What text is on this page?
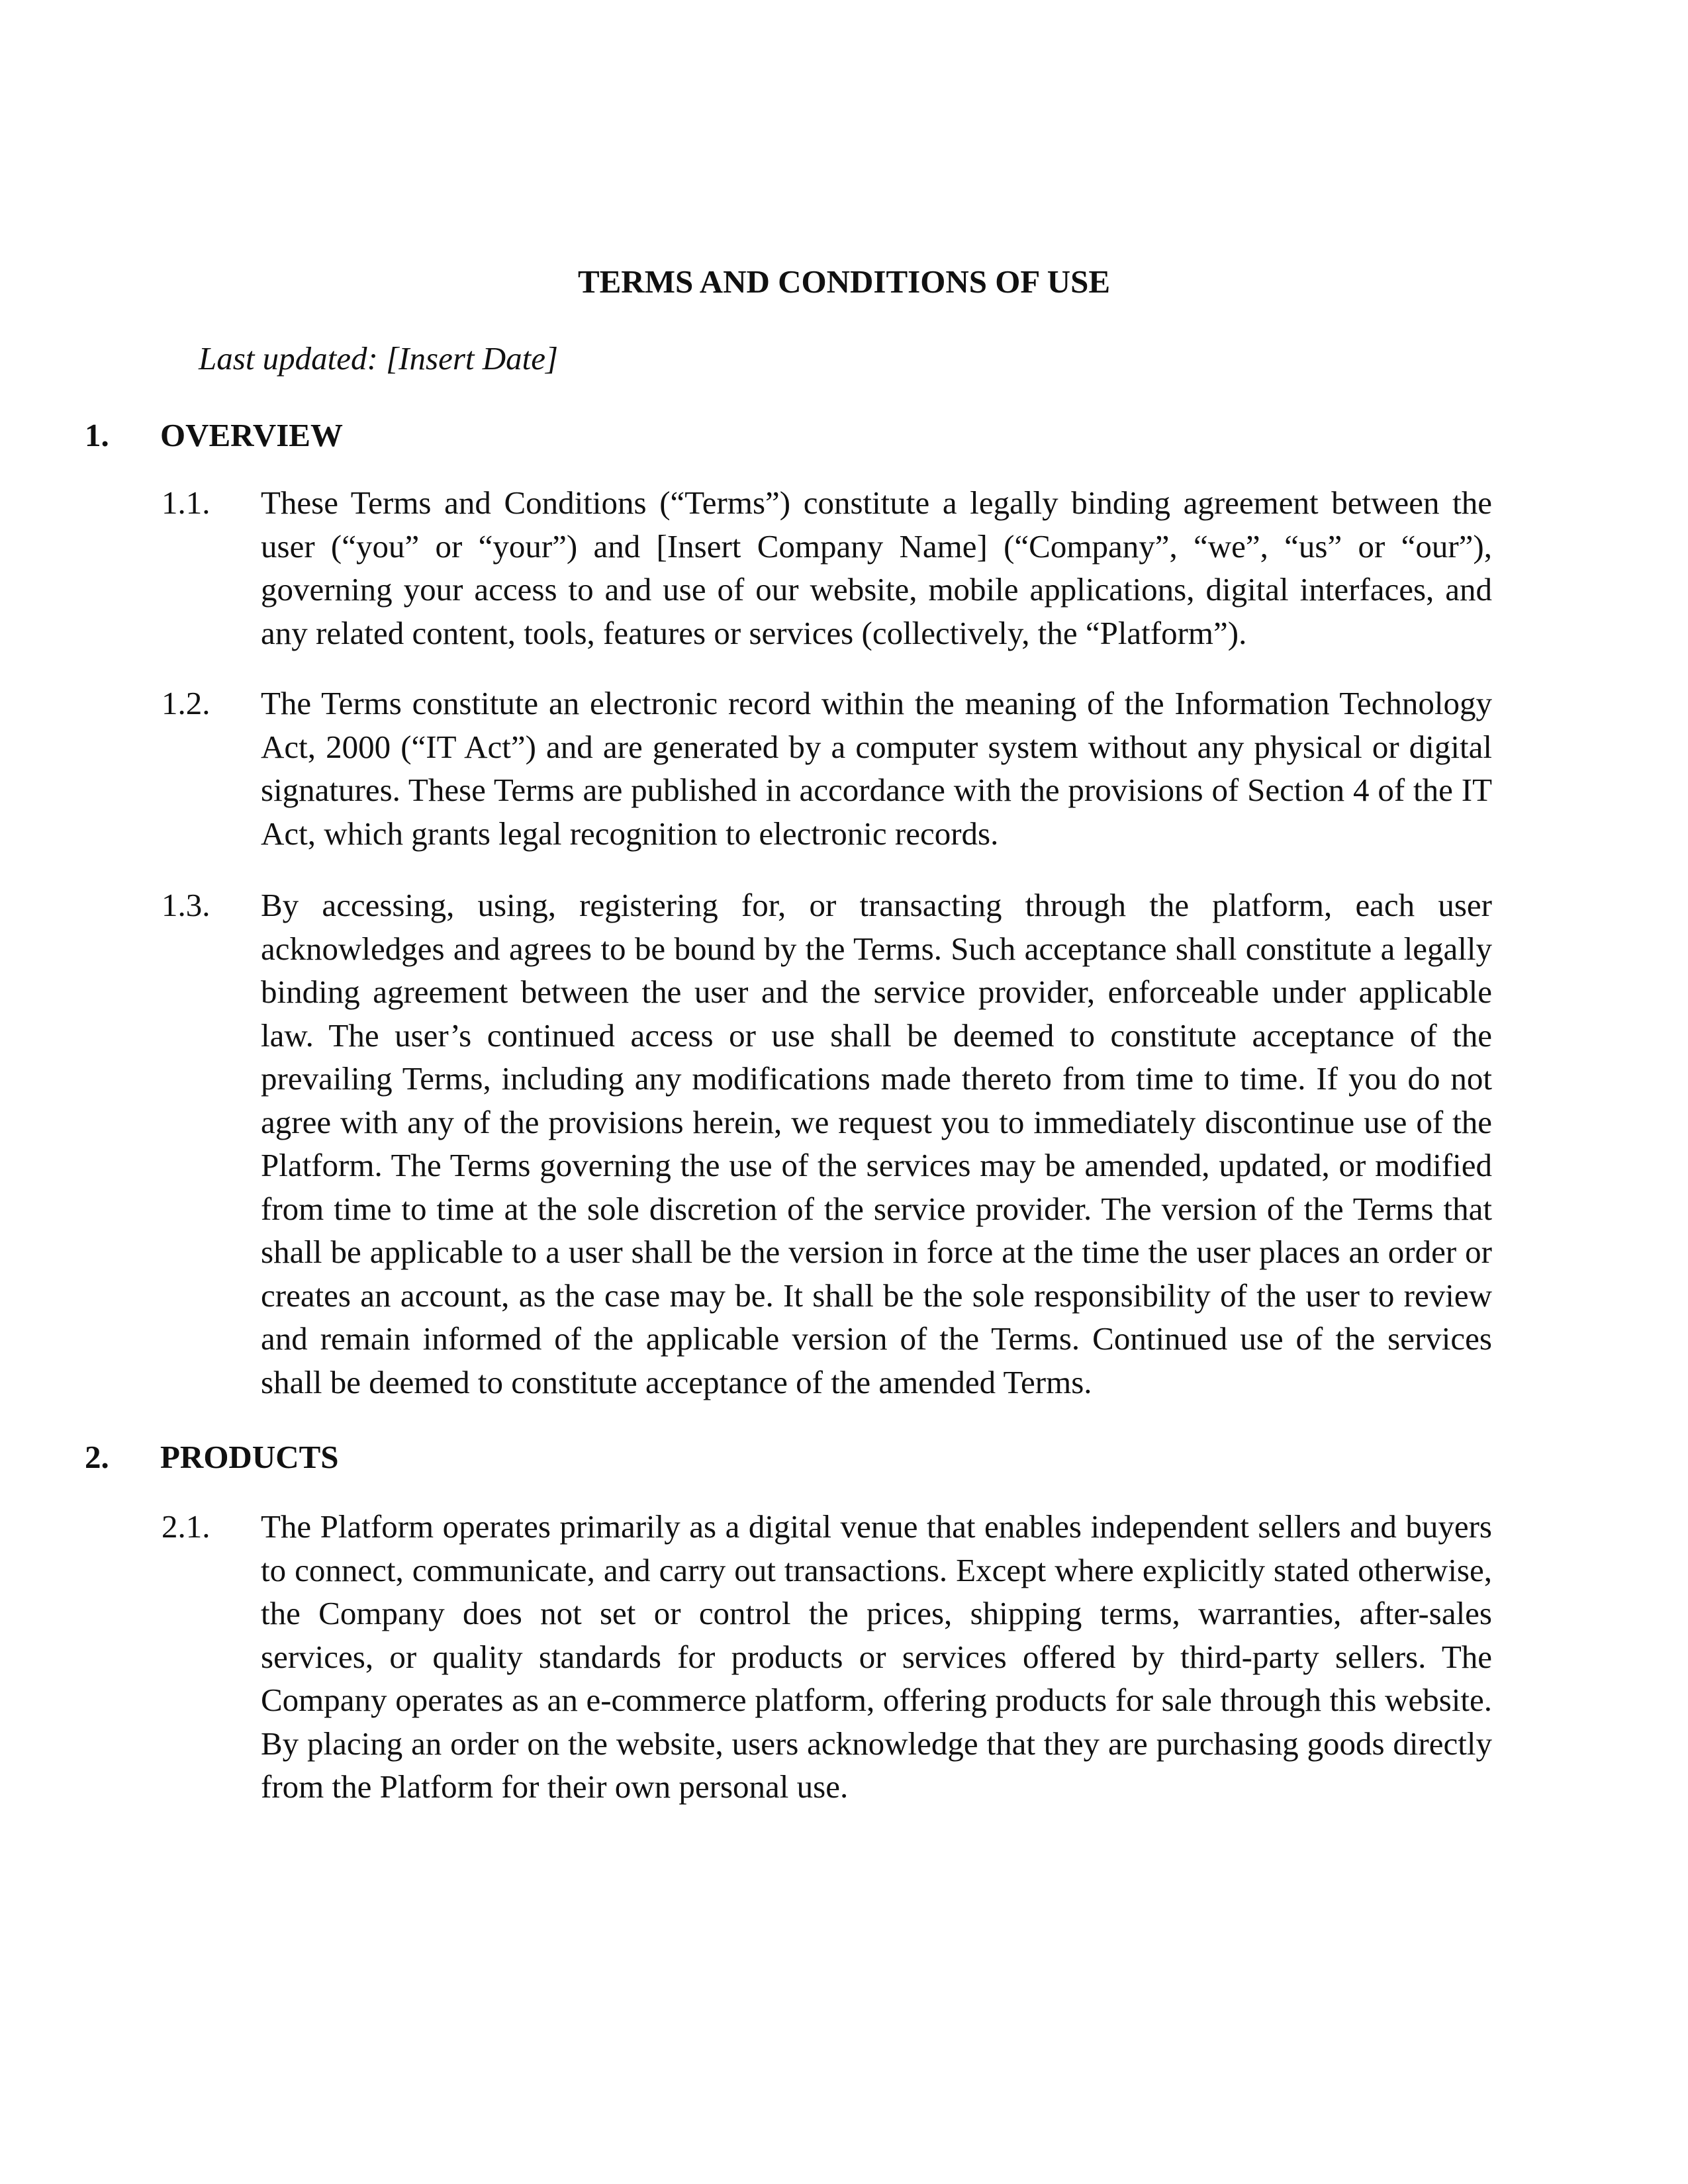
TERMS AND CONDITIONS OF USE

Last updated: [Insert Date]

1. OVERVIEW
1.1. These Terms and Conditions (“Terms”) constitute a legally binding agreement between the user (“you” or “your”) and [Insert Company Name] (“Company”, “we”, “us” or “our”), governing your access to and use of our website, mobile applications, digital interfaces, and any related content, tools, features or services (collectively, the “Platform”).
1.2. The Terms constitute an electronic record within the meaning of the Information Technology Act, 2000 (“IT Act”) and are generated by a computer system without any physical or digital signatures. These Terms are published in accordance with the provisions of Section 4 of the IT Act, which grants legal recognition to electronic records.
1.3. By accessing, using, registering for, or transacting through the platform, each user acknowledges and agrees to be bound by the Terms. Such acceptance shall constitute a legally binding agreement between the user and the service provider, enforceable under applicable law. The user’s continued access or use shall be deemed to constitute acceptance of the prevailing Terms, including any modifications made thereto from time to time. If you do not agree with any of the provisions herein, we request you to immediately discontinue use of the Platform. The Terms governing the use of the services may be amended, updated, or modified from time to time at the sole discretion of the service provider. The version of the Terms that shall be applicable to a user shall be the version in force at the time the user places an order or creates an account, as the case may be. It shall be the sole responsibility of the user to review and remain informed of the applicable version of the Terms. Continued use of the services shall be deemed to constitute acceptance of the amended Terms.
2. PRODUCTS
2.1. The Platform operates primarily as a digital venue that enables independent sellers and buyers to connect, communicate, and carry out transactions. Except where explicitly stated otherwise, the Company does not set or control the prices, shipping terms, warranties, after-sales services, or quality standards for products or services offered by third-party sellers. The Company operates as an e-commerce platform, offering products for sale through this website. By placing an order on the website, users acknowledge that they are purchasing goods directly from the Platform for their own personal use.
